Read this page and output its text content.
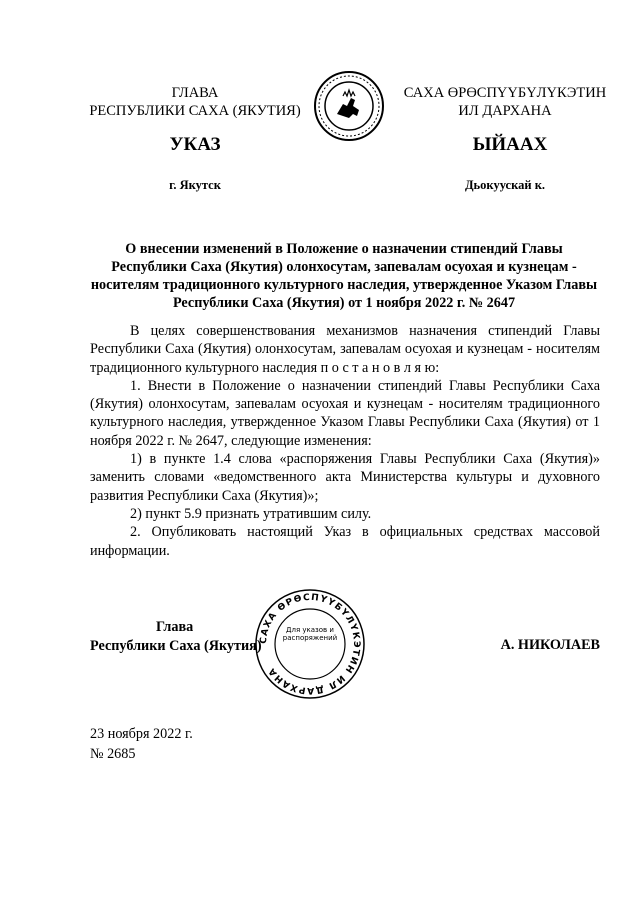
ГЛАВА
РЕСПУБЛИКИ САХА (ЯКУТИЯ)
САХА ӨРӨСПҮҮБҮЛҮКЭТИН
ИЛ ДАРХАНА
УКАЗ	ЫЙААХ
г. Якутск	Дьокуускай к.
О внесении изменений в Положение о назначении стипендий Главы Республики Саха (Якутия) олонхосутам, запевалам осуохая и кузнецам - носителям традиционного культурного наследия, утвержденное Указом Главы Республики Саха (Якутия) от 1 ноября 2022 г. № 2647

В целях совершенствования механизмов назначения стипендий Главы Республики Саха (Якутия) олонхосутам, запевалам осуохая и кузнецам - носителям традиционного культурного наследия п о с т а н о в л я ю:

1. Внести в Положение о назначении стипендий Главы Республики Саха (Якутия) олонхосутам, запевалам осуохая и кузнецам - носителям традиционного культурного наследия, утвержденное Указом Главы Республики Саха (Якутия) от 1 ноября 2022 г. № 2647, следующие изменения:

1) в пункте 1.4 слова «распоряжения Главы Республики Саха (Якутия)» заменить словами «ведомственного акта Министерства культуры и духовного развития Республики Саха (Якутия)»;

2) пункт 5.9 признать утратившим силу.

2. Опубликовать настоящий Указ в официальных средствах массовой информации.

САХА ӨРӨСПҮҮБҮЛҮКЭТИН ИЛ ДАРХАНА
Для указов и распоряжений
Глава
Республики Саха (Якутия)	А. НИКОЛАЕВ
23 ноября 2022 г.
№ 2685
